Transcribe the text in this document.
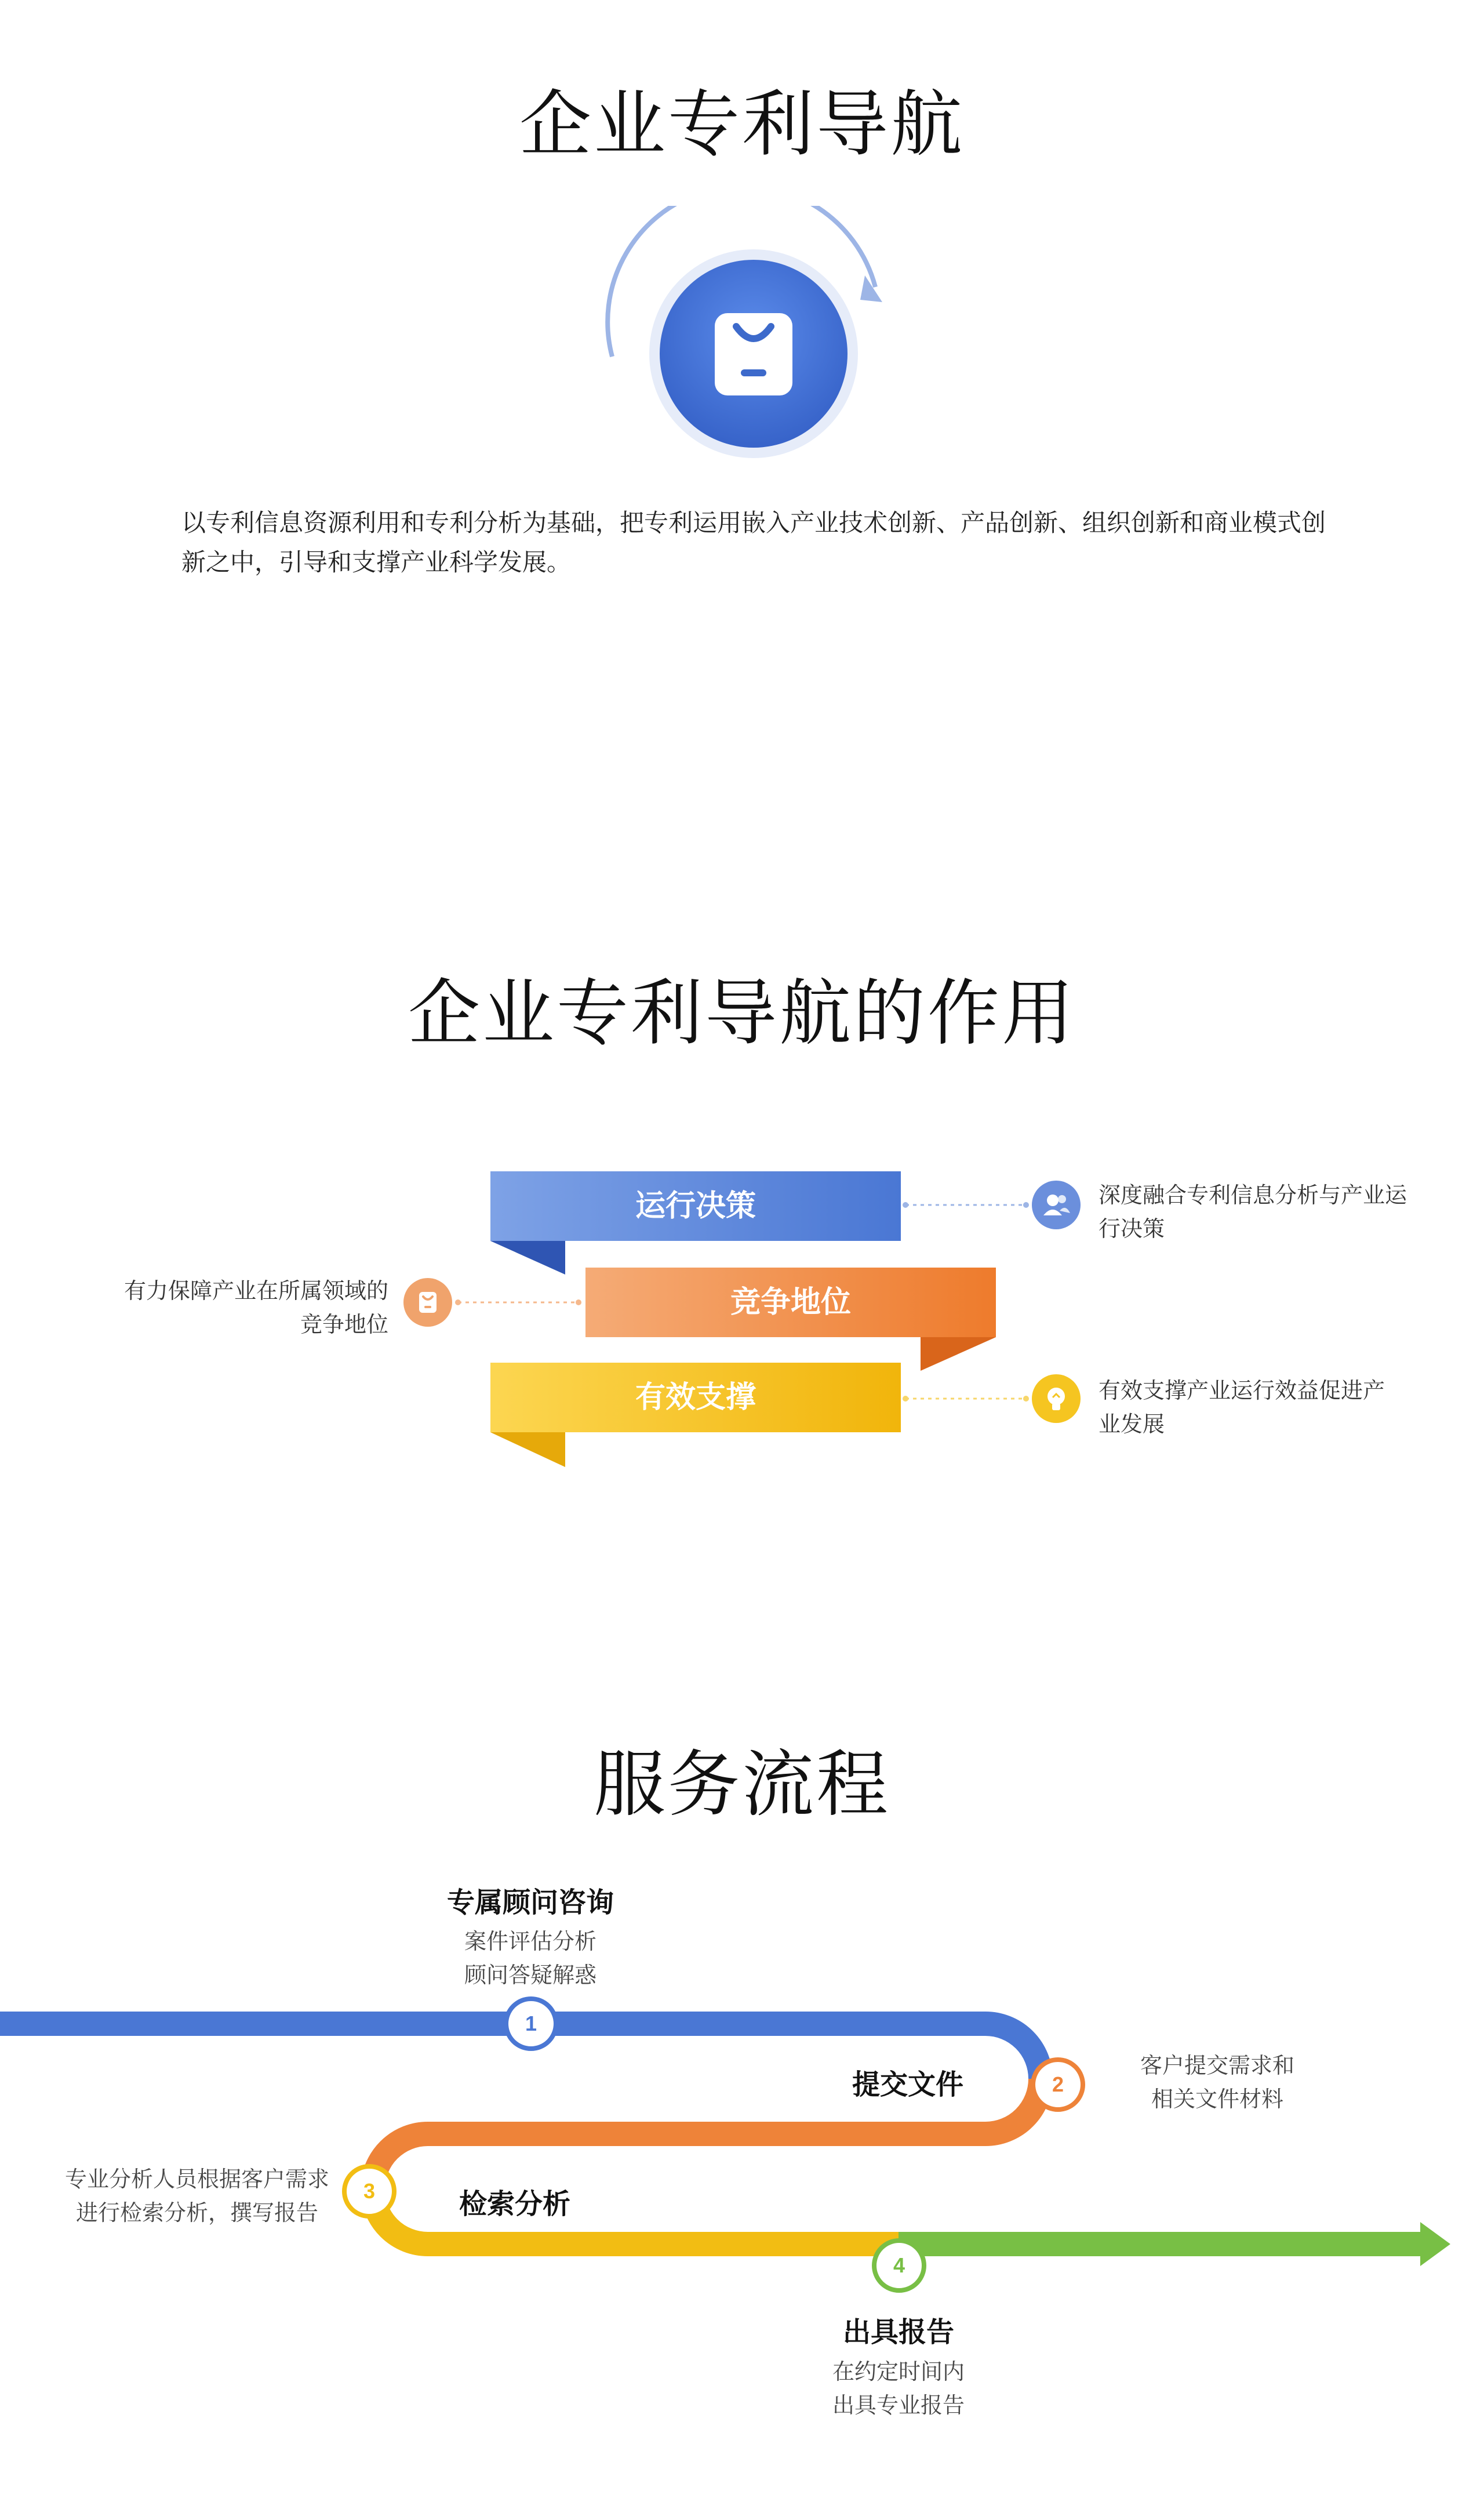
企业专利导航
以专利信息资源利用和专利分析为基础，把专利运用嵌入产业技术创新、产品创新、组织创新和商业模式创新之中，引导和支撑产业科学发展。
企业专利导航的作用
运行决策
竞争地位
有效支撑
深度融合专利信息分析与产业运行决策
有力保障产业在所属领域的竞争地位
有效支撑产业运行效益促进产业发展
服务流程
1
2
3
4
专属顾问咨询
提交文件
检索分析
出具报告
案件评估分析
顾问答疑解惑
客户提交需求和
相关文件材料
专业分析人员根据客户需求
进行检索分析，撰写报告
在约定时间内
出具专业报告
